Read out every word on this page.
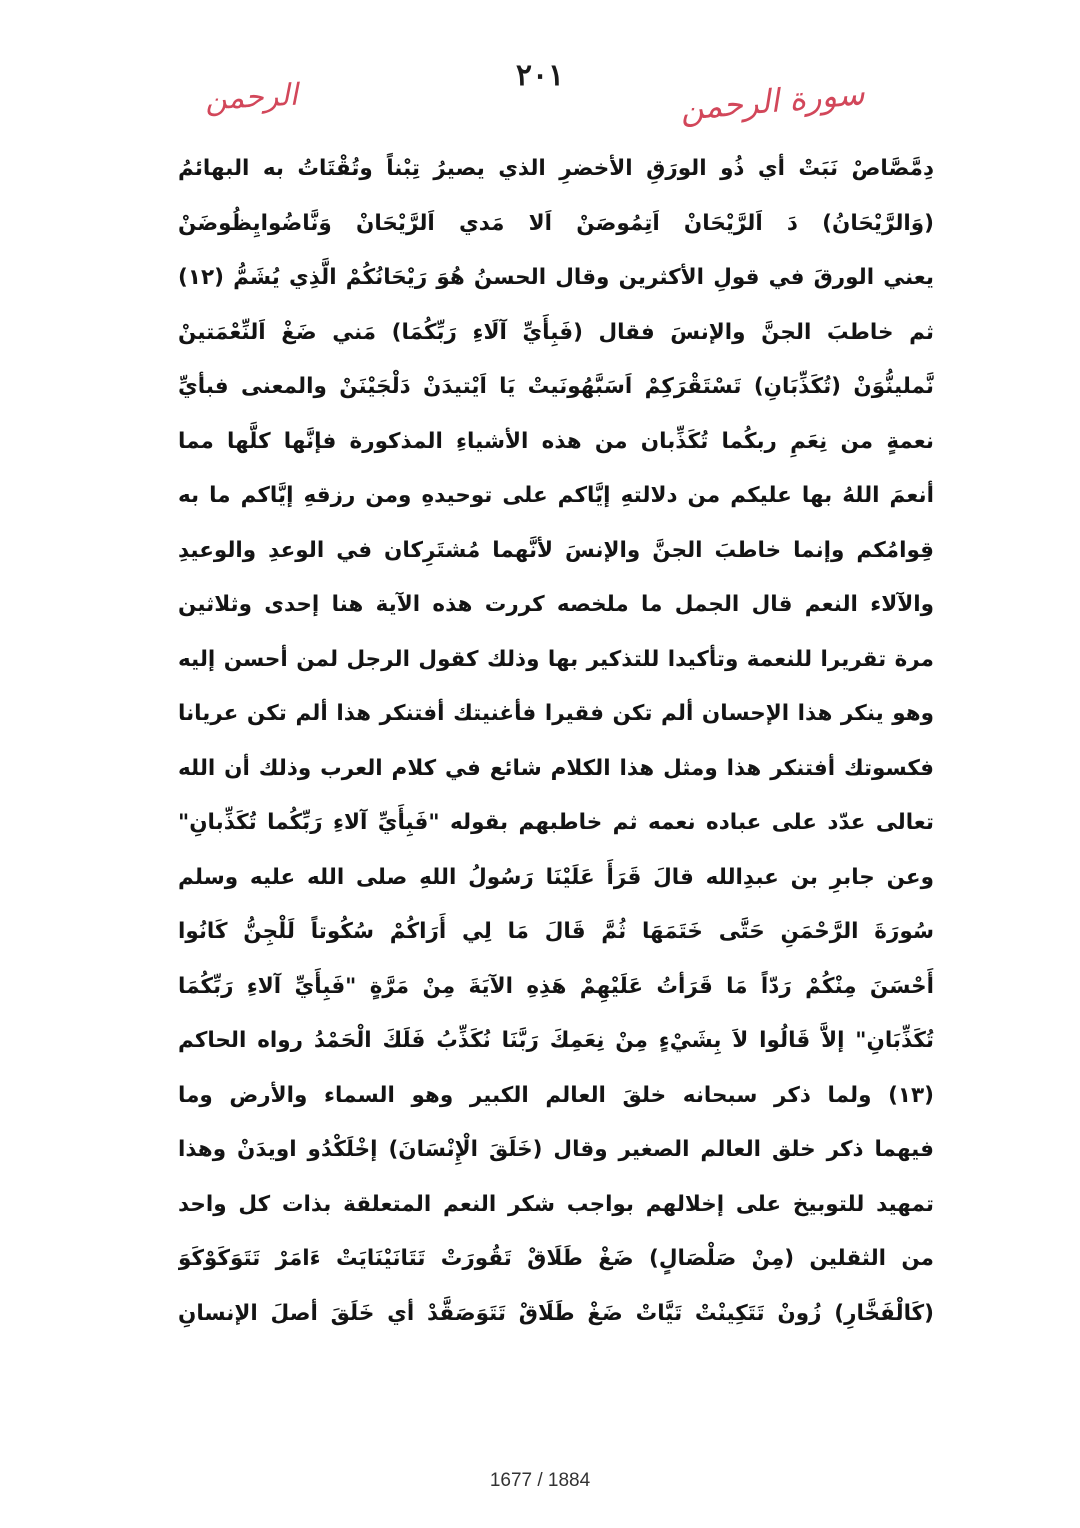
الرحمن
٢٠١	سورة الرحمن
دِمَّصَّاصْ نَبَتْ أي ذُو الورَقِ الأخضرِ الذي يصيرُ تِبْناً وتُقْتَاتُ به البهائمُ
(وَالرَّيْحَانُ) دَ اَلرَّيْحَانْ اَتِمُوصَنْ اَلا مَدي اَلرَّيْحَانْ وَنَّاضُوايِظُوضَنْ
يعني الورقَ في قولِ الأكثرين وقال الحسنُ هُوَ رَيْحَانُكُمْ الَّذِي يُشَمُّ (١٢)
ثم خاطبَ الجنَّ والإنسَ فقال (فَبِأَيِّ آلَاءِ رَبِّكُمَا) مَني ضَغْ اَلنِّعْمَتينْ
نَّملينُّوَنْ (تُكَذِّبَانِ) تَسْتَقْرَكِمْ اَسَبَّهُونَيتْ يَا اَيْتيدَنْ دَلْجَيْنَنْ والمعنى فبأيِّ
نعمةٍ من نِعَمِ ربكُما تُكَذِّبان من هذه الأشياءِ المذكورة فإنَّها كلَّها مما
أنعمَ اللهُ بها عليكم من دلالتهِ إيَّاكم على توحيدهِ ومن رزقهِ إيَّاكم ما به
قِوامُكم وإنما خاطبَ الجنَّ والإنسَ لأنَّهما مُشتَرِكان في الوعدِ والوعيدِ
والآلاء النعم قال الجمل ما ملخصه كررت هذه الآية هنا إحدى وثلاثين
مرة تقريرا للنعمة وتأكيدا للتذكير بها وذلك كقول الرجل لمن أحسن إليه
وهو ينكر هذا الإحسان ألم تكن فقيرا فأغنيتك أفتنكر هذا ألم تكن عريانا
فكسوتك أفتنكر هذا ومثل هذا الكلام شائع في كلام العرب وذلك أن الله
تعالى عدّد على عباده نعمه ثم خاطبهم بقوله "فَبِأَيِّ آلاءِ رَبِّكُما تُكَذِّبانِ"
وعن جابرِ بن عبدِالله قالَ قَرَأَ عَلَيْنَا رَسُولُ اللهِ صلى الله عليه وسلم
سُورَةَ الرَّحْمَنِ حَتَّى خَتَمَهَا ثُمَّ قَالَ مَا لِي أَرَاكُمْ سُكُوتاً لَلْجِنُّ كَانُوا
أَحْسَنَ مِنْكُمْ رَدّاً مَا قَرَأتُ عَلَيْهِمْ هَذِهِ الآيَةَ مِنْ مَرَّةٍ "فَبِأَيِّ آلاءِ رَبِّكُمَا
تُكَذِّبَانِ" إلاَّ قَالُوا لاَ بِشَيْءٍ مِنْ نِعَمِكَ رَبَّنَا نُكَذِّبُ فَلَكَ الْحَمْدُ رواه الحاكم
(١٣) ولما ذكر سبحانه خلقَ العالم الكبير وهو السماء والأرض وما
فيهما ذكر خلق العالم الصغير وقال (خَلَقَ الْإِنْسَانَ) إخْلَكْدُو اويدَنْ وهذا
تمهيد للتوبيخ على إخلالهم بواجب شكر النعم المتعلقة بذات كل واحد
من الثقلين (مِنْ صَلْصَالٍ) ضَغْ طَلَاقْ تَقُورَتْ تَتَانَيْنَايَتْ ءَامَرْ تَتَوَكَوْكَوَ
(كَالْفَخَّارِ) زُونْ تَتَكِينْتْ تَيَّاتْ ضَغْ طَلَاقْ تَتَوَصَقَّدْ أي خَلَقَ أصلَ الإنسانِ
1677 / 1884
